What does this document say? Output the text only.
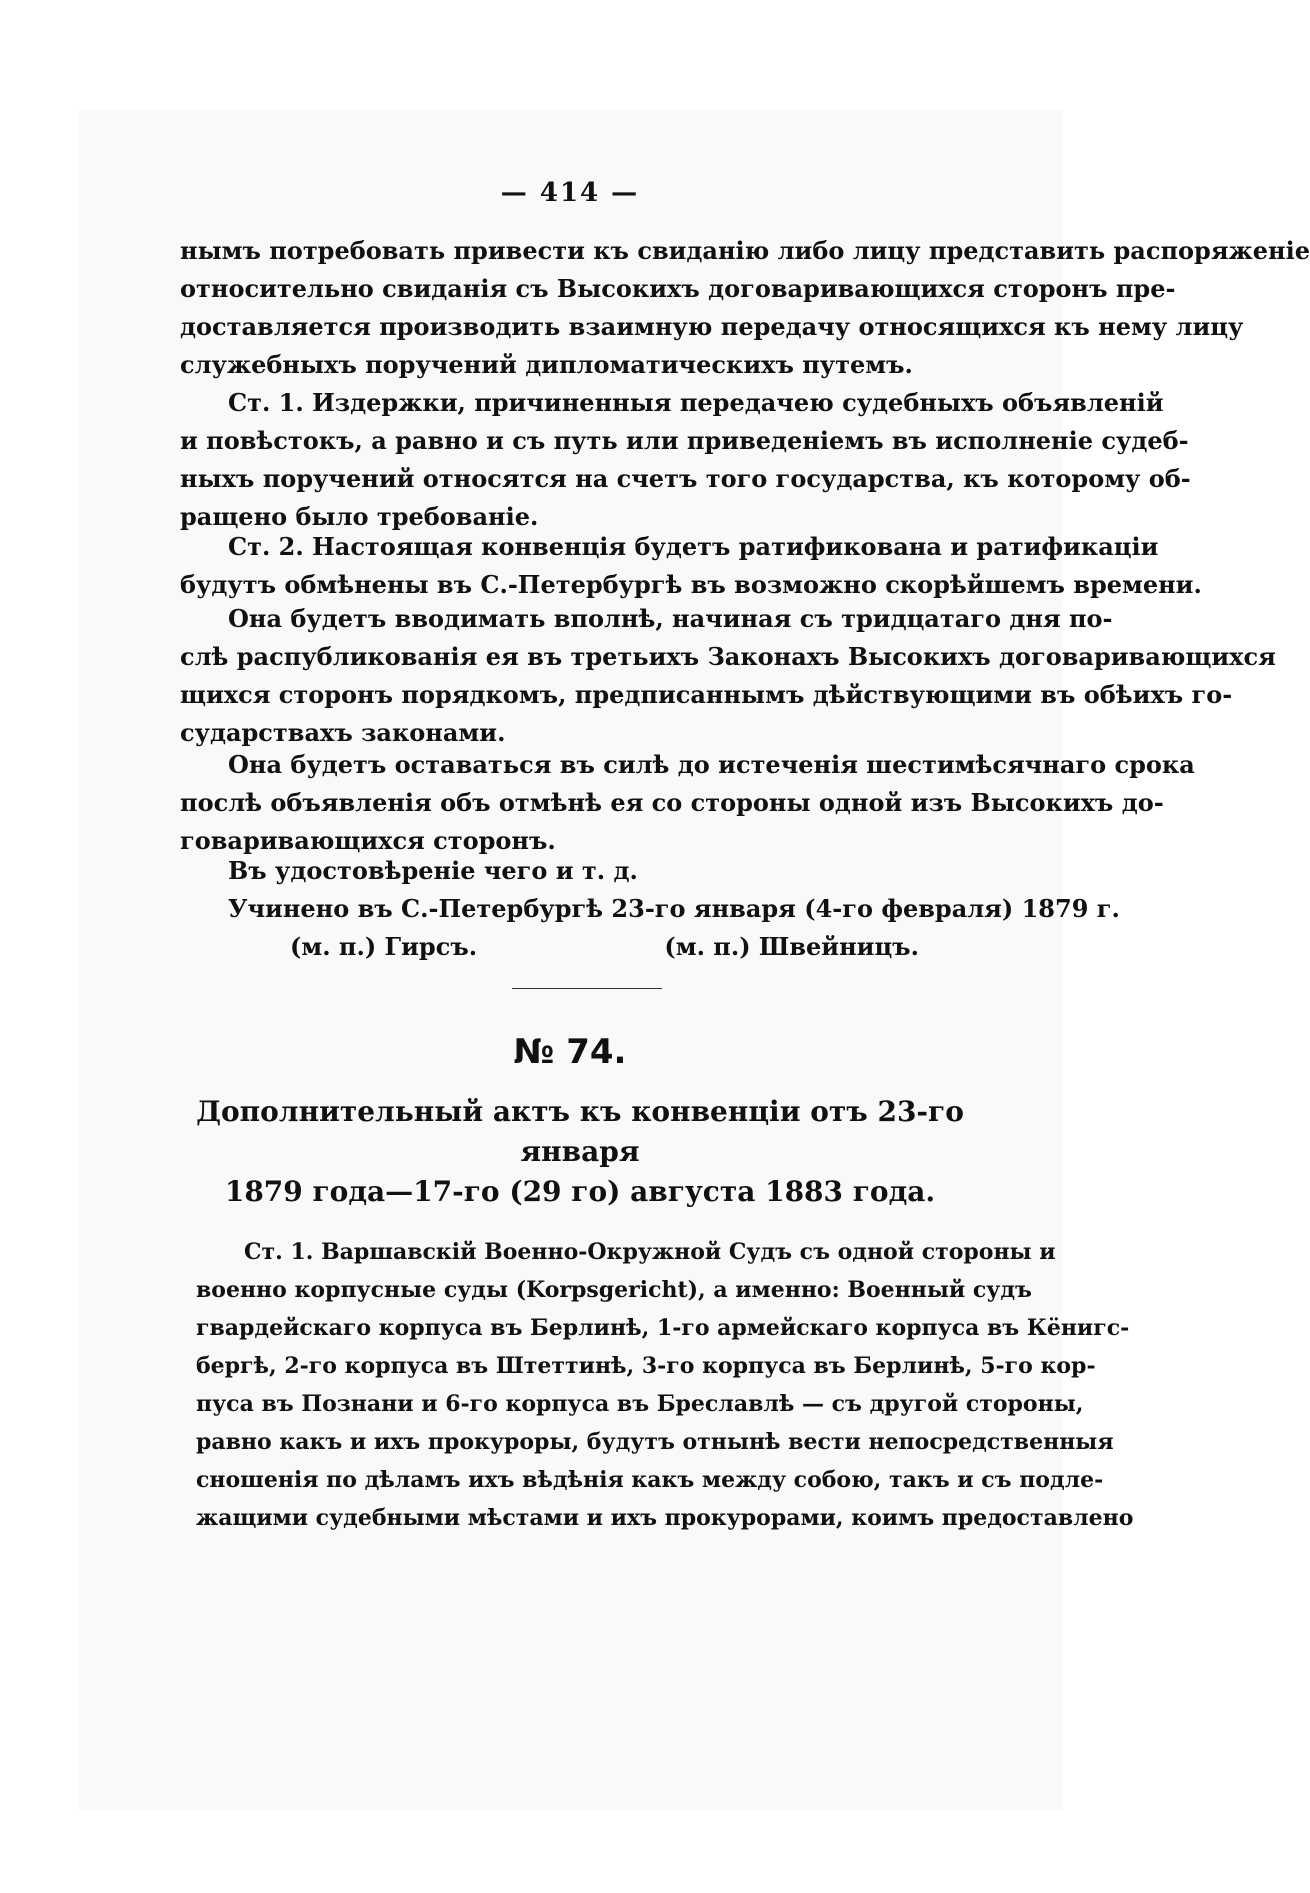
— 414 —
нымъ потребовать привести къ свиданію либо лицу представить распоряженіе
относительно свиданія съ Высокихъ договаривающихся сторонъ пре-
доставляется производить взаимную передачу относящихся къ нему лицу
служебныхъ поручений дипломатическихъ путемъ.
Ст. 1. Издержки, причиненныя передачею судебныхъ объявленій
и повѣстокъ, а равно и съ путь или приведеніемъ въ исполненіе судеб-
ныхъ поручений относятся на счетъ того государства, къ которому об-
ращено было требованіе.
Ст. 2. Настоящая конвенція будетъ ратификована и ратификаціи
будутъ обмѣнены въ С.-Петербургѣ въ возможно скорѣйшемъ времени.
Она будетъ вводимать вполнѣ, начиная съ тридцатаго дня по-
слѣ распубликованія ея въ третьихъ Законахъ Высокихъ договаривающихся
щихся сторонъ порядкомъ, предписаннымъ дѣйствующими въ обѣихъ го-
сударствахъ законами.
Она будетъ оставаться въ силѣ до истеченія шестимѣсячнаго срока
послѣ объявленія объ отмѣнѣ ея со стороны одной изъ Высокихъ до-
говаривающихся сторонъ.
Въ удостовѣреніе чего и т. д.
Учинено въ С.-Петербургѣ 23-го января (4-го февраля) 1879 г.
(м. п.) Гирсъ.	(м. п.) Швейницъ.
№ 74.
Дополнительный актъ къ конвенціи отъ 23-го января
1879 года—17-го (29 го) августа 1883 года.
Ст. 1. Варшавскій Военно-Окружной Судъ съ одной стороны и
военно корпусные суды (Korpsgericht), а именно: Военный судъ
гвардейскаго корпуса въ Берлинѣ, 1-го армейскаго корпуса въ Кёнигс-
бергѣ, 2-го корпуса въ Штеттинѣ, 3-го корпуса въ Берлинѣ, 5-го кор-
пуса въ Познани и 6-го корпуса въ Бреславлѣ — съ другой стороны,
равно какъ и ихъ прокуроры, будутъ отнынѣ вести непосредственныя
сношенія по дѣламъ ихъ вѣдѣнія какъ между собою, такъ и съ подле-
жащими судебными мѣстами и ихъ прокурорами, коимъ предоставлено
